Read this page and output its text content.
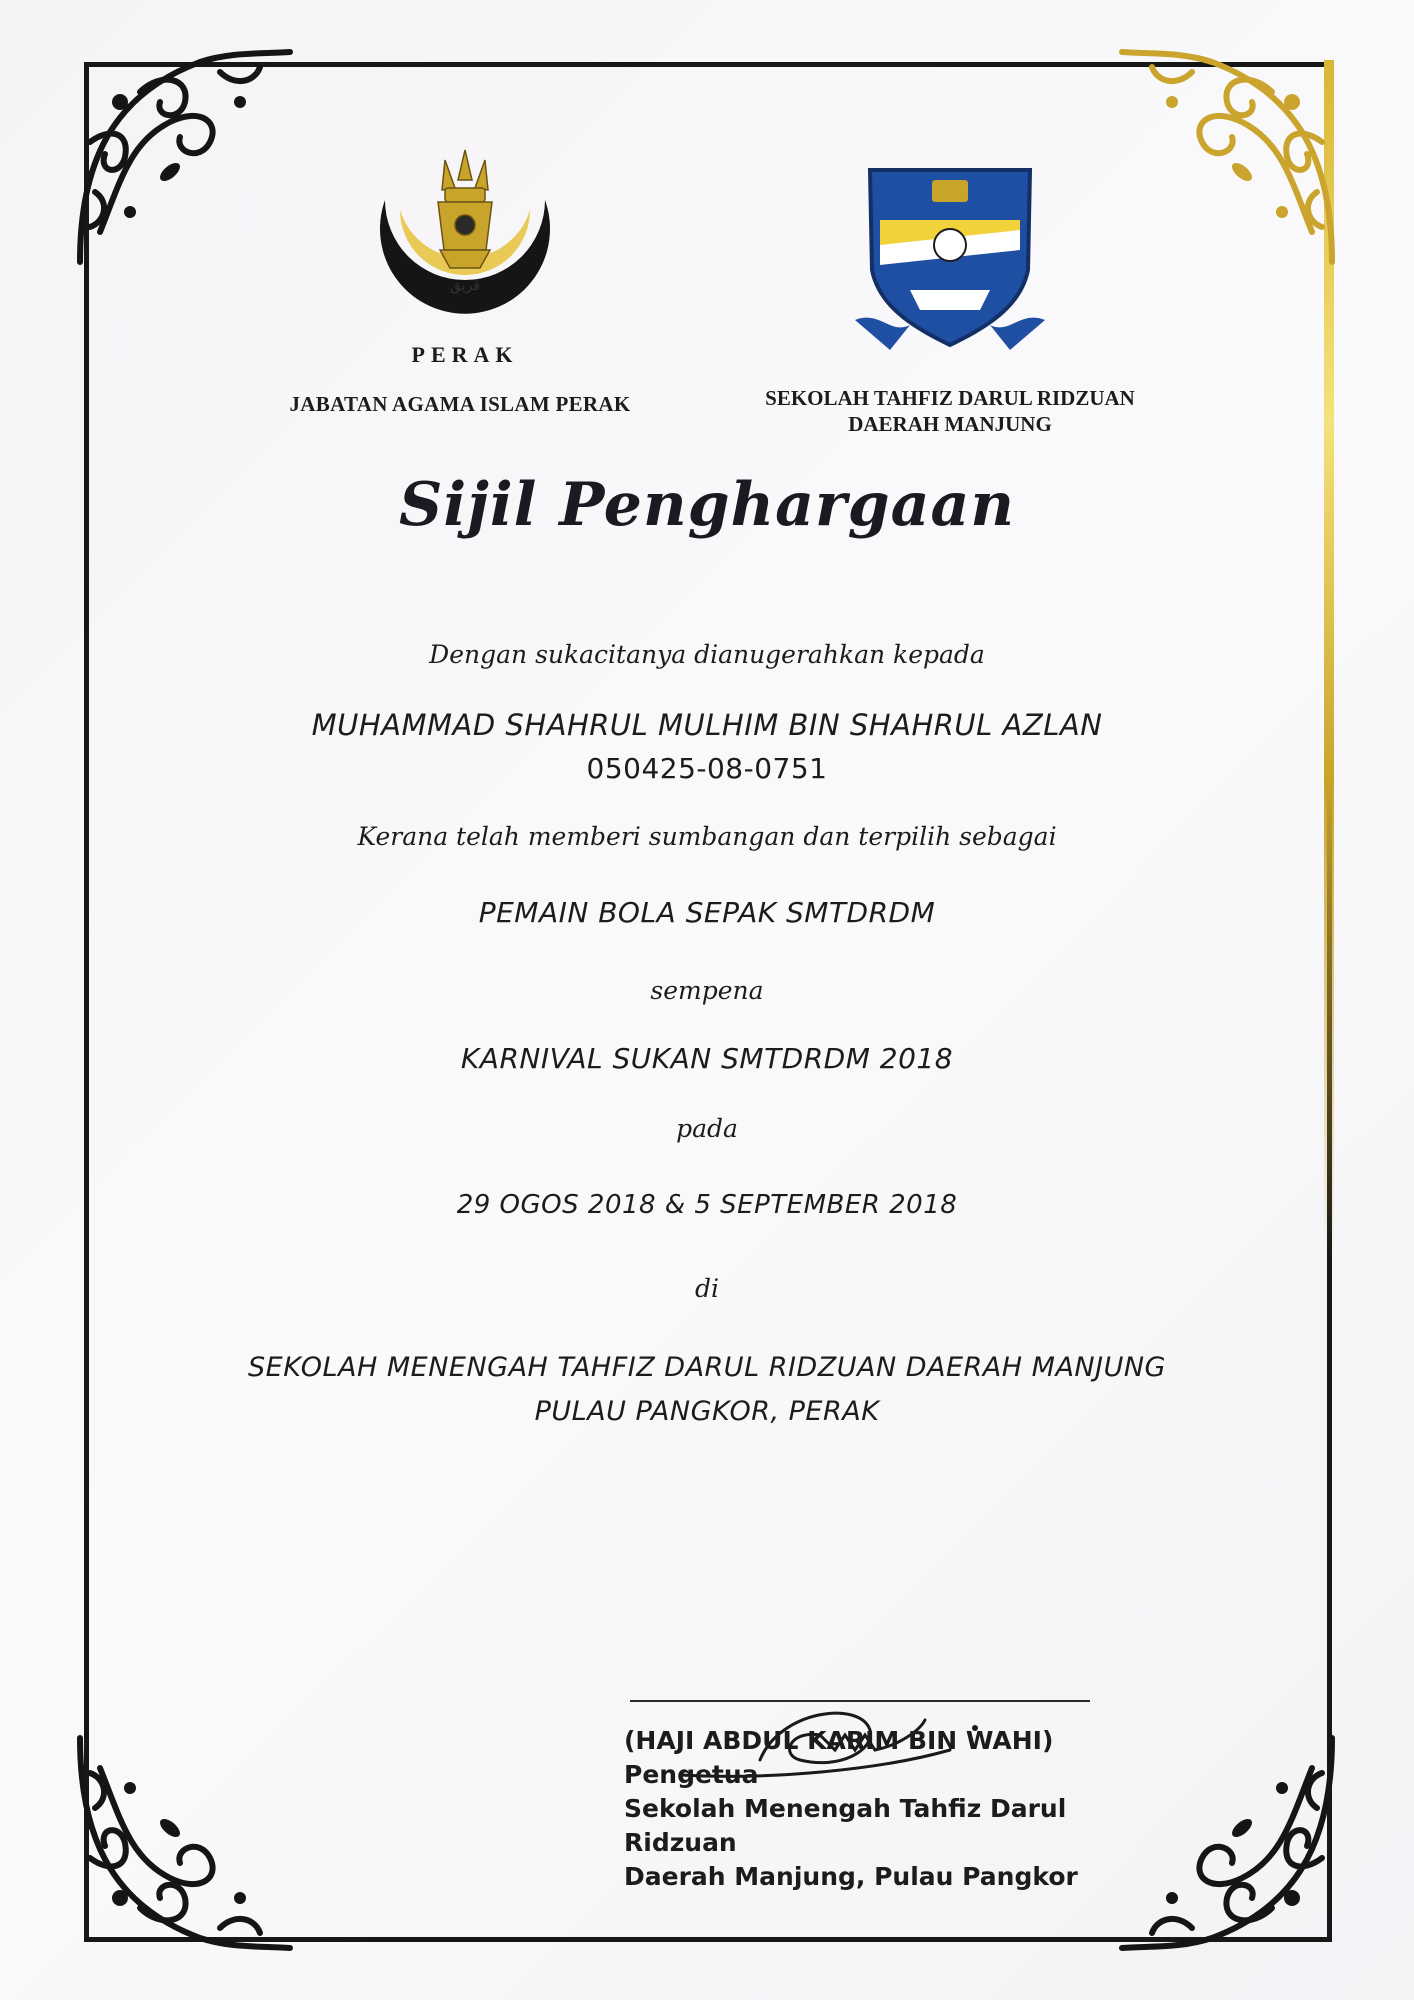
ﭬﺮﻳﻖ
PERAK
JABATAN AGAMA ISLAM PERAK	SEKOLAH TAHFIZ DARUL RIDZUAN
DAERAH MANJUNG
Sijil Penghargaan
Dengan sukacitanya dianugerahkan kepada
MUHAMMAD SHAHRUL MULHIM BIN SHAHRUL AZLAN
050425-08-0751
Kerana telah memberi sumbangan dan terpilih sebagai
PEMAIN BOLA SEPAK SMTDRDM
sempena
KARNIVAL SUKAN SMTDRDM 2018
pada
29 OGOS 2018 & 5 SEPTEMBER 2018
di
SEKOLAH MENENGAH TAHFIZ DARUL RIDZUAN DAERAH MANJUNG
PULAU PANGKOR, PERAK
(HAJI ABDUL KARIM BIN WAHI)
Pengetua
Sekolah Menengah Tahfiz Darul Ridzuan
Daerah Manjung, Pulau Pangkor
